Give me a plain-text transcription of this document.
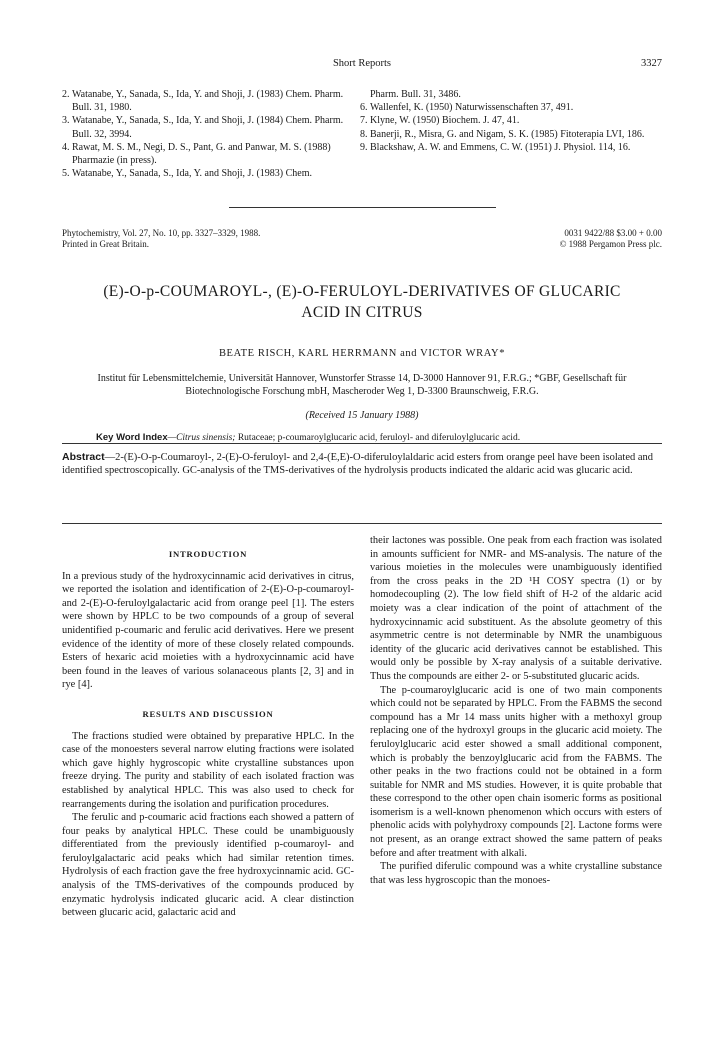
Short Reports	3327

2. Watanabe, Y., Sanada, S., Ida, Y. and Shoji, J. (1983) Chem. Pharm. Bull. 31, 1980.

3. Watanabe, Y., Sanada, S., Ida, Y. and Shoji, J. (1984) Chem. Pharm. Bull. 32, 3994.

4. Rawat, M. S. M., Negi, D. S., Pant, G. and Panwar, M. S. (1988) Pharmazie (in press).

5. Watanabe, Y., Sanada, S., Ida, Y. and Shoji, J. (1983) Chem.

Pharm. Bull. 31, 3486.

6. Wallenfel, K. (1950) Naturwissenschaften 37, 491.

7. Klyne, W. (1950) Biochem. J. 47, 41.

8. Banerji, R., Misra, G. and Nigam, S. K. (1985) Fitoterapia LVI, 186.

9. Blackshaw, A. W. and Emmens, C. W. (1951) J. Physiol. 114, 16.

Phytochemistry, Vol. 27, No. 10, pp. 3327–3329, 1988.
Printed in Great Britain.
0031 9422/88 $3.00 + 0.00
© 1988 Pergamon Press plc.
(E)-O-p-COUMAROYL-, (E)-O-FERULOYL-DERIVATIVES OF GLUCARIC
ACID IN CITRUS
BEATE RISCH, KARL HERRMANN and VICTOR WRAY*
Institut für Lebensmittelchemie, Universität Hannover, Wunstorfer Strasse 14, D-3000 Hannover 91, F.R.G.; *GBF, Gesellschaft für
Biotechnologische Forschung mbH, Mascheroder Weg 1, D-3300 Braunschweig, F.R.G.
(Received 15 January 1988)
Key Word Index—Citrus sinensis; Rutaceae; p-coumaroylglucaric acid, feruloyl- and diferuloylglucaric acid.
Abstract—2-(E)-O-p-Coumaroyl-, 2-(E)-O-feruloyl- and 2,4-(E,E)-O-diferuloylaldaric acid esters from orange peel have been isolated and identified spectroscopically. GC-analysis of the TMS-derivatives of the hydrolysis products indicated the aldaric acid was glucaric acid.
INTRODUCTION

In a previous study of the hydroxycinnamic acid derivatives in citrus, we reported the isolation and identification of 2-(E)-O-p-coumaroyl- and 2-(E)-O-feruloylgalactaric acid from orange peel [1]. The esters were shown by HPLC to be two compounds of a group of several unidentified p-coumaric and ferulic acid derivatives. Here we present evidence of the identity of more of these closely related compounds. Esters of hexaric acid moieties with a hydroxycinnamic acid have been found in the leaves of various solanaceous plants [2, 3] and in rye [4].

RESULTS AND DISCUSSION

The fractions studied were obtained by preparative HPLC. In the case of the monoesters several narrow eluting fractions were isolated which gave highly hygroscopic white crystalline substances upon freeze drying. The purity and stability of each isolated fraction was established by analytical HPLC. This was also used to check for rearrangements during the isolation and purification procedures.

The ferulic and p-coumaric acid fractions each showed a pattern of four peaks by analytical HPLC. These could be unambiguously differentiated from the previously identified p-coumaroyl- and feruloylgalactaric acid peaks which had similar retention times. Hydrolysis of each fraction gave the free hydroxycinnamic acid. GC-analysis of the TMS-derivatives of the compounds produced by enzymatic hydrolysis indicated glucaric acid. A clear distinction between glucaric acid, galactaric acid and

their lactones was possible. One peak from each fraction was isolated in amounts sufficient for NMR- and MS-analysis. The nature of the various moieties in the molecules were unambiguously identified from the cross peaks in the 2D ¹H COSY spectra (1) or by homodecoupling (2). The low field shift of H-2 of the aldaric acid moiety was a clear indication of the point of attachment of the hydroxycinnamic acid substituent. As the absolute geometry of this asymmetric centre is not determinable by NMR the unambiguous identity of the glucaric acid derivatives cannot be established. This would only be possible by X-ray analysis of a suitable derivative. Thus the compounds are either 2- or 5-substituted glucaric acids.

The p-coumaroylglucaric acid is one of two main components which could not be separated by HPLC. From the FABMS the second compound has a Mr 14 mass units higher with a methoxyl group replacing one of the hydroxyl groups in the glucaric acid moiety. The feruloylglucaric acid ester showed a small additional component, which is probably the benzoylglucaric acid from the FABMS. The other peaks in the two fractions could not be obtained in a form suitable for NMR and MS studies. However, it is quite probable that these correspond to the other open chain isomeric forms as positional isomerism is a well-known phenomenon which occurs with esters of phenolic acids with polyhydroxy compounds [2]. Lactone forms were not present, as an orange extract showed the same pattern of peaks before and after treatment with alkali.

The purified diferulic compound was a white crystalline substance that was less hygroscopic than the monoes-
